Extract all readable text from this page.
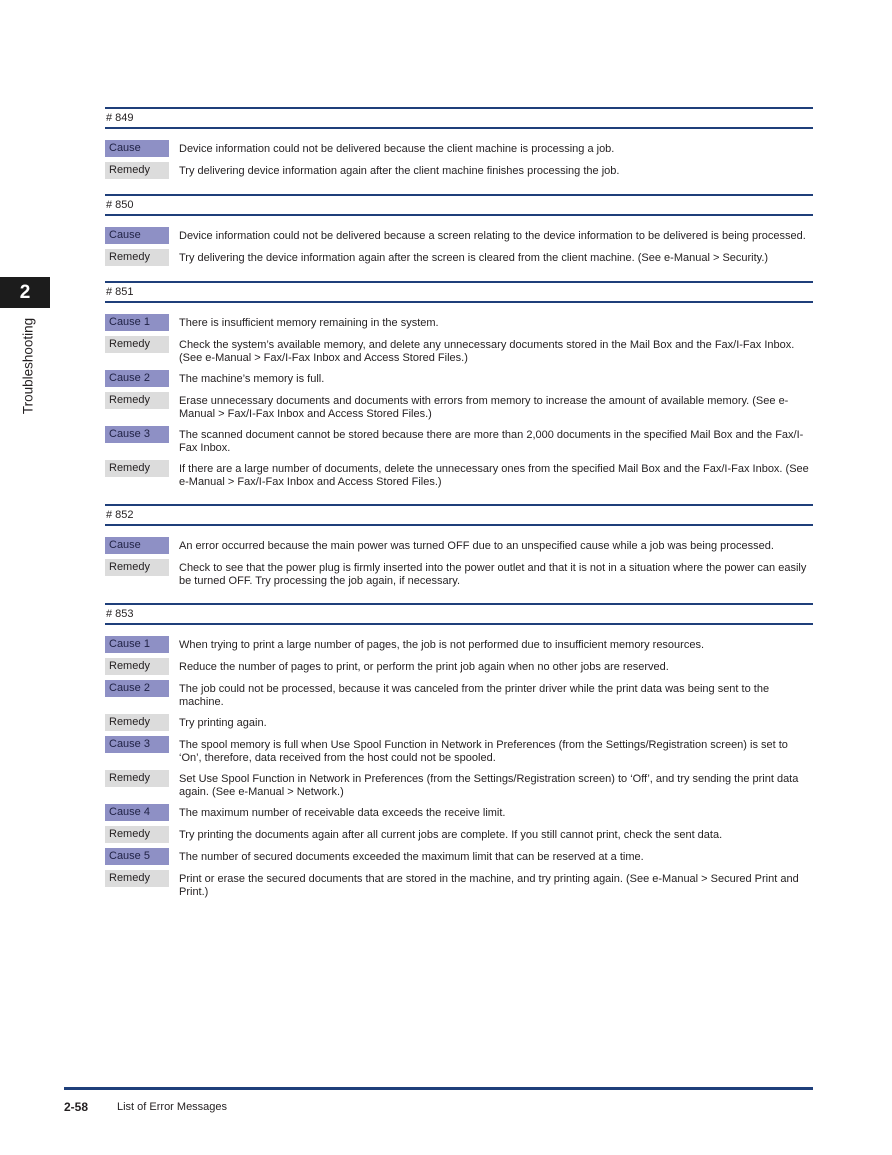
2
Troubleshooting
# 849
Cause	Device information could not be delivered because the client machine is processing a job.
Remedy	Try delivering device information again after the client machine finishes processing the job.
# 850
Cause	Device information could not be delivered because a screen relating to the device information to be delivered is being processed.
Remedy	Try delivering the device information again after the screen is cleared from the client machine. (See e-Manual > Security.)
# 851
Cause 1	There is insufficient memory remaining in the system.
Remedy	Check the system’s available memory, and delete any unnecessary documents stored in the Mail Box and the Fax/I-Fax Inbox. (See e-Manual > Fax/I-Fax Inbox and Access Stored Files.)
Cause 2	The machine’s memory is full.
Remedy	Erase unnecessary documents and documents with errors from memory to increase the amount of available memory. (See e-Manual > Fax/I-Fax Inbox and Access Stored Files.)
Cause 3	The scanned document cannot be stored because there are more than 2,000 documents in the specified Mail Box and the Fax/I-Fax Inbox.
Remedy	If there are a large number of documents, delete the unnecessary ones from the specified Mail Box and the Fax/I-Fax Inbox. (See e-Manual > Fax/I-Fax Inbox and Access Stored Files.)
# 852
Cause	An error occurred because the main power was turned OFF due to an unspecified cause while a job was being processed.
Remedy	Check to see that the power plug is firmly inserted into the power outlet and that it is not in a situation where the power can easily be turned OFF. Try processing the job again, if necessary.
# 853
Cause 1	When trying to print a large number of pages, the job is not performed due to insufficient memory resources.
Remedy	Reduce the number of pages to print, or perform the print job again when no other jobs are reserved.
Cause 2	The job could not be processed, because it was canceled from the printer driver while the print data was being sent to the machine.
Remedy	Try printing again.
Cause 3	The spool memory is full when Use Spool Function in Network in Preferences (from the Settings/Registration screen) is set to ‘On’, therefore, data received from the host could not be spooled.
Remedy	Set Use Spool Function in Network in Preferences (from the Settings/Registration screen) to ‘Off’, and try sending the print data again. (See e-Manual > Network.)
Cause 4	The maximum number of receivable data exceeds the receive limit.
Remedy	Try printing the documents again after all current jobs are complete. If you still cannot print, check the sent data.
Cause 5	The number of secured documents exceeded the maximum limit that can be reserved at a time.
Remedy	Print or erase the secured documents that are stored in the machine, and try printing again. (See e-Manual > Secured Print and Print.)
2-58	List of Error Messages
